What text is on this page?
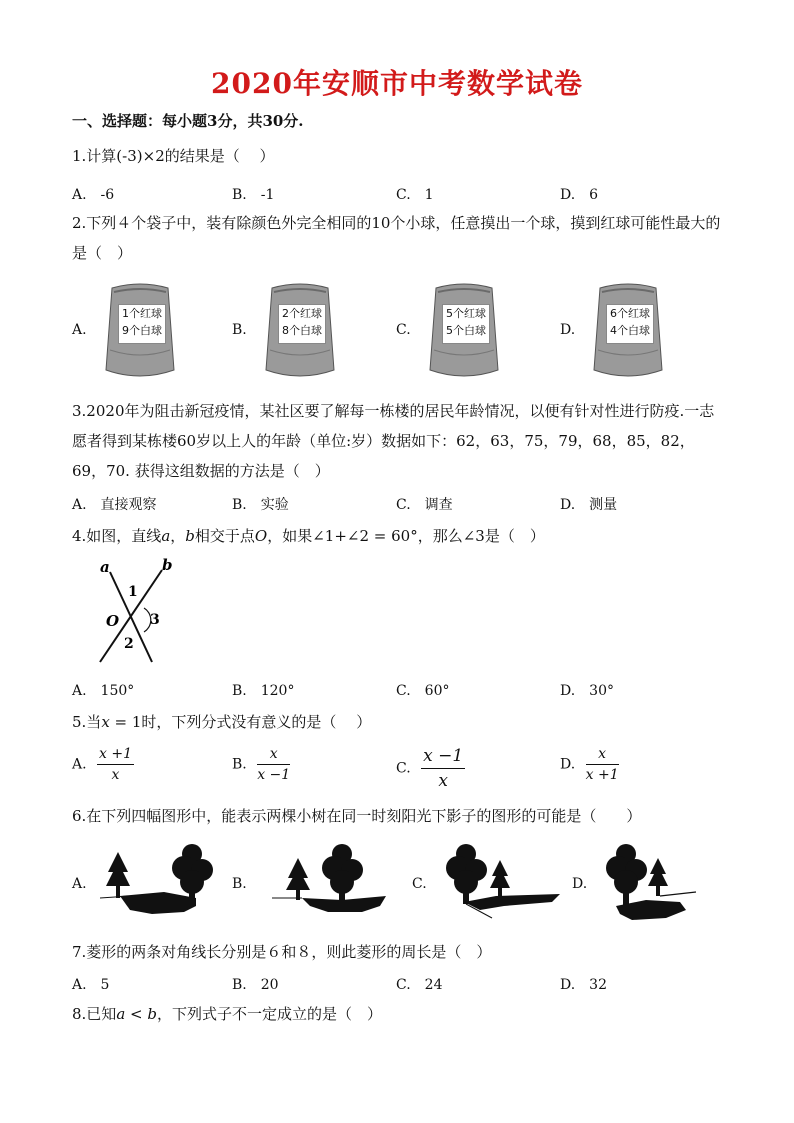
2020年安顺市中考数学试卷
一、选择题：每小题3分，共30分.
1.计算(-3)×2的结果是（　 ）
A.　-6	B.　-1	C.　1	D.　6
2.下列４个袋子中，装有除颜色外完全相同的10个小球，任意摸出一个球，摸到红球可能性最大的是（　）
A.
1个红球
9个白球	B.
2个红球
8个白球	C.
5个红球
5个白球	D.
6个红球
4个白球
3.2020年为阻击新冠疫情，某社区要了解每一栋楼的居民年龄情况，以便有针对性进行防疫.一志愿者得到某栋楼60岁以上人的年龄（单位:岁）数据如下：62，63，75，79，68，85，82，69，70. 获得这组数据的方法是（　）
A.　直接观察	B.　实验	C.　调查	D.　测量
4.如图，直线a，b相交于点O，如果∠1+∠2 = 60°，那么∠3是（　）
a	b
O
1
2
3
A.　150°	B.　120°	C.　60°	D.　30°
5.当x = 1时，下列分式没有意义的是（　 ）
A. $\frac{x +1}{x}$	B. $\frac{x}{x -1}$	C. $\frac{x -1}{x}$	D. $\frac{x}{x +1}$
6.在下列四幅图形中，能表示两棵小树在同一时刻阳光下影子的图形的可能是（　　）
A.	B.	C.	D.
7.菱形的两条对角线长分别是６和８，则此菱形的周长是（　）
A.　5	B.　20	C.　24	D.　32
8.已知a < b，下列式子不一定成立的是（　）
